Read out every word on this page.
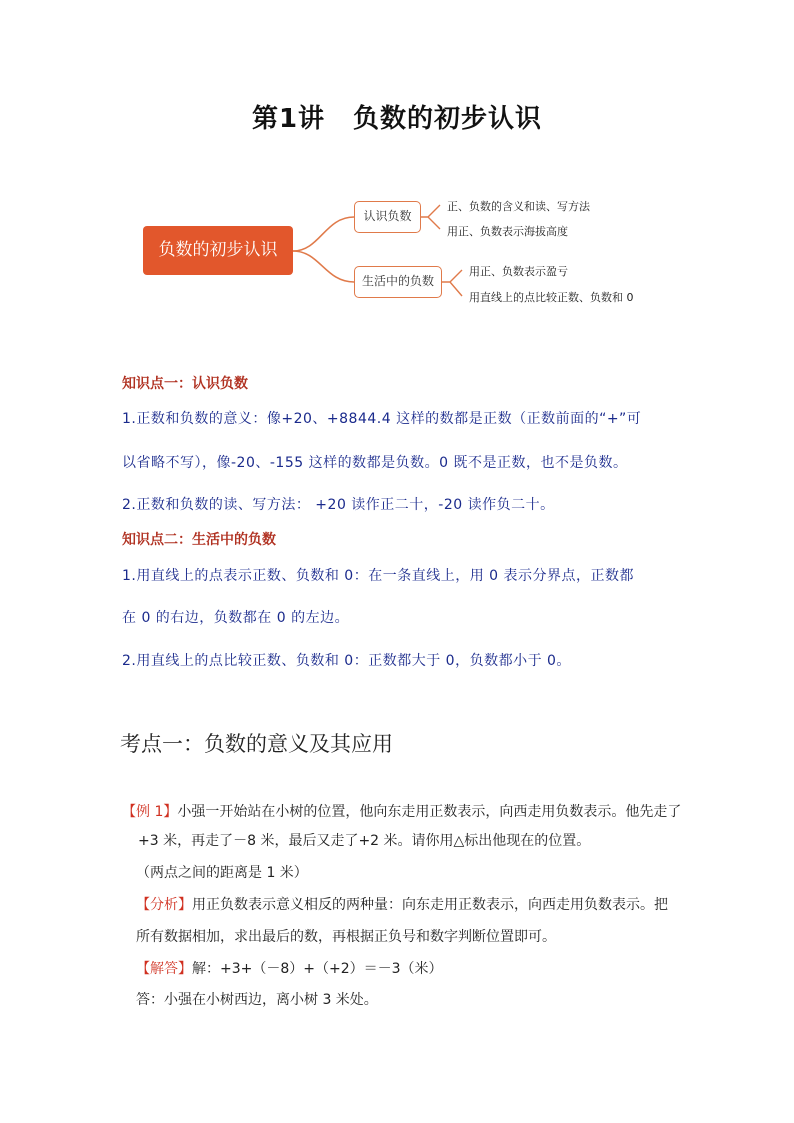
第1讲 负数的初步认识
负数的初步认识
认识负数
生活中的负数
正、负数的含义和读、写方法
用正、负数表示海拔高度
用正、负数表示盈亏
用直线上的点比较正数、负数和 0
知识点一：认识负数
1.正数和负数的意义：像+20、+8844.4 这样的数都是正数（正数前面的“+”可
以省略不写），像-20、-155 这样的数都是负数。0 既不是正数，也不是负数。
2.正数和负数的读、写方法： +20 读作正二十，-20 读作负二十。
知识点二：生活中的负数
1.用直线上的点表示正数、负数和 0：在一条直线上，用 0 表示分界点，正数都
在 0 的右边，负数都在 0 的左边。
2.用直线上的点比较正数、负数和 0：正数都大于 0，负数都小于 0。
考点一：负数的意义及其应用
【例 1】小强一开始站在小树的位置，他向东走用正数表示，向西走用负数表示。他先走了
+3 米，再走了－8 米，最后又走了+2 米。请你用△标出他现在的位置。
（两点之间的距离是 1 米）
【分析】用正负数表示意义相反的两种量：向东走用正数表示，向西走用负数表示。把
所有数据相加，求出最后的数，再根据正负号和数字判断位置即可。
【解答】解：+3+（－8）+（+2）＝－3（米）
答：小强在小树西边，离小树 3 米处。
